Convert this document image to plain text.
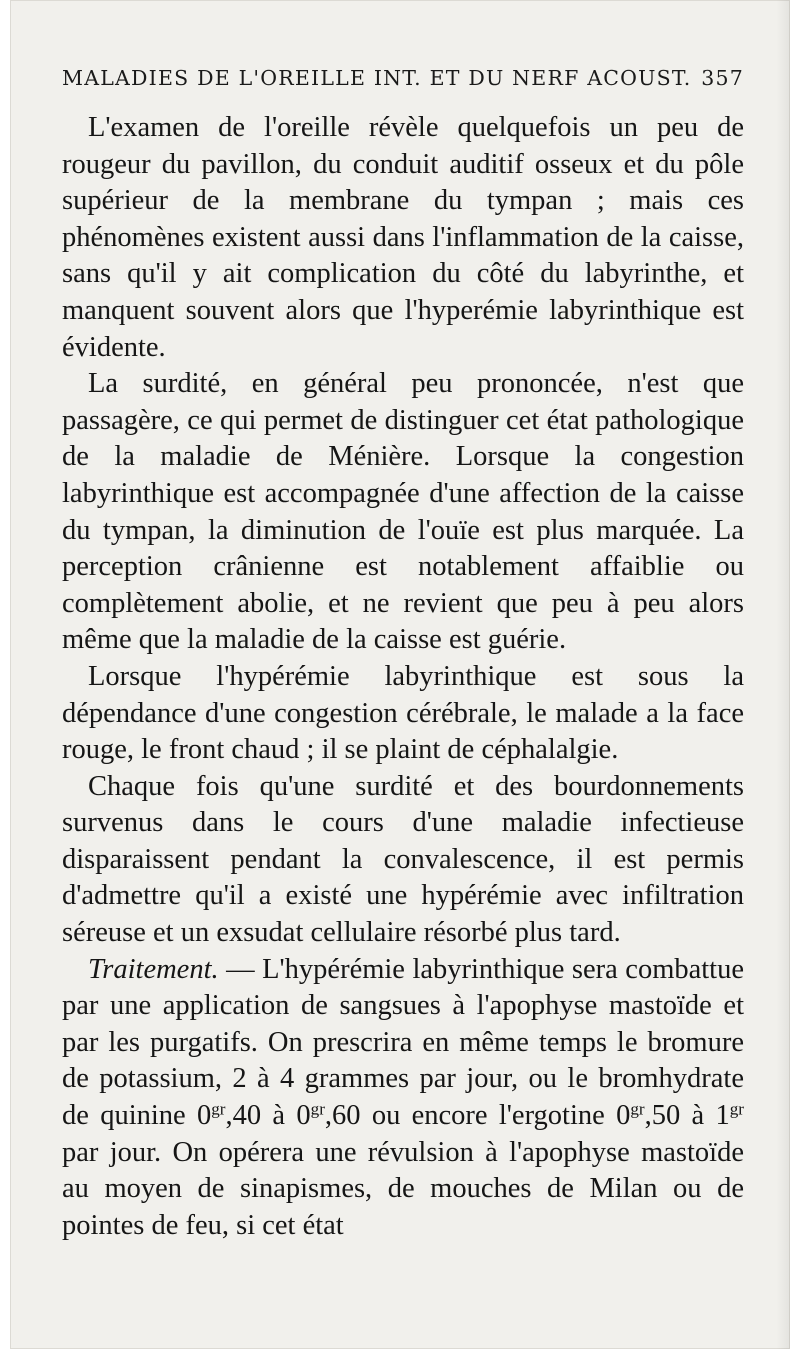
MALADIES DE L'OREILLE INT. ET DU NERF ACOUST. 357

L'examen de l'oreille révèle quelquefois un peu de rougeur du pavillon, du conduit auditif osseux et du pôle supérieur de la membrane du tympan ; mais ces phénomènes existent aussi dans l'inflammation de la caisse, sans qu'il y ait complication du côté du labyrinthe, et manquent souvent alors que l'hyperémie labyrinthique est évidente.

La surdité, en général peu prononcée, n'est que passagère, ce qui permet de distinguer cet état pathologique de la maladie de Ménière. Lorsque la congestion labyrinthique est accompagnée d'une affection de la caisse du tympan, la diminution de l'ouïe est plus marquée. La perception crânienne est notablement affaiblie ou complètement abolie, et ne revient que peu à peu alors même que la maladie de la caisse est guérie.

Lorsque l'hypérémie labyrinthique est sous la dépendance d'une congestion cérébrale, le malade a la face rouge, le front chaud ; il se plaint de céphalalgie.

Chaque fois qu'une surdité et des bourdonnements survenus dans le cours d'une maladie infectieuse disparaissent pendant la convalescence, il est permis d'admettre qu'il a existé une hypérémie avec infiltration séreuse et un exsudat cellulaire résorbé plus tard.

Traitement. — L'hypérémie labyrinthique sera combattue par une application de sangsues à l'apophyse mastoïde et par les purgatifs. On prescrira en même temps le bromure de potassium, 2 à 4 grammes par jour, ou le bromhydrate de quinine $0^{gr},40$ à $0^{gr},60$ ou encore l'ergotine $0^{gr},50$ à $1^{gr}$ par jour. On opérera une révulsion à l'apophyse mastoïde au moyen de sinapismes, de mouches de Milan ou de pointes de feu, si cet état
